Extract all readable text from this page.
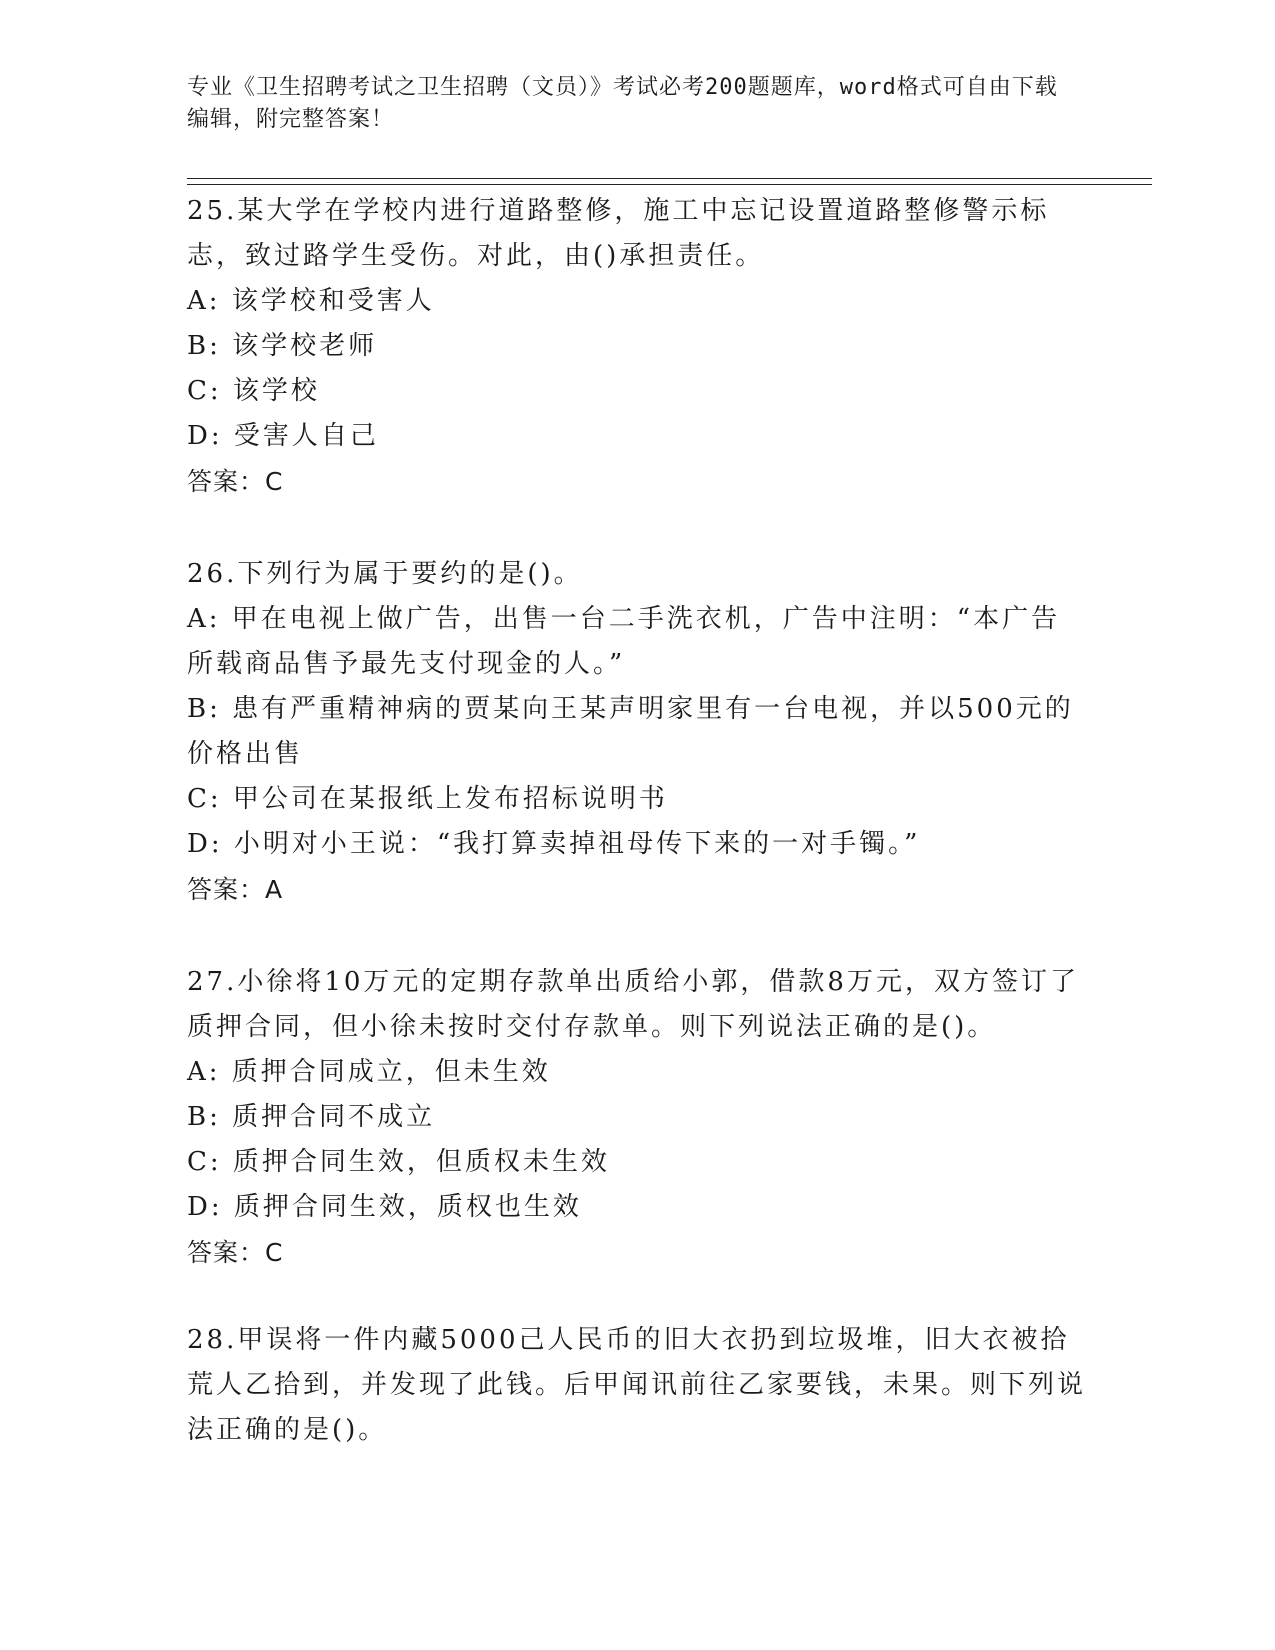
专业《卫生招聘考试之卫生招聘（文员）》考试必考200题题库，word格式可自由下载编辑，附完整答案！

25.某大学在学校内进行道路整修，施工中忘记设置道路整修警示标志，致过路学生受伤。对此，由()承担责任。

A: 该学校和受害人

B: 该学校老师

C: 该学校

D: 受害人自己

答案：C

26.下列行为属于要约的是()。

A: 甲在电视上做广告，出售一台二手洗衣机，广告中注明：“本广告所载商品售予最先支付现金的人。”

B: 患有严重精神病的贾某向王某声明家里有一台电视，并以500元的价格出售

C: 甲公司在某报纸上发布招标说明书

D: 小明对小王说：“我打算卖掉祖母传下来的一对手镯。”

答案：A

27.小徐将10万元的定期存款单出质给小郭，借款8万元，双方签订了质押合同，但小徐未按时交付存款单。则下列说法正确的是()。

A: 质押合同成立，但未生效

B: 质押合同不成立

C: 质押合同生效，但质权未生效

D: 质押合同生效，质权也生效

答案：C

28.甲误将一件内藏5000己人民币的旧大衣扔到垃圾堆，旧大衣被拾荒人乙拾到，并发现了此钱。后甲闻讯前往乙家要钱，未果。则下列说法正确的是()。
